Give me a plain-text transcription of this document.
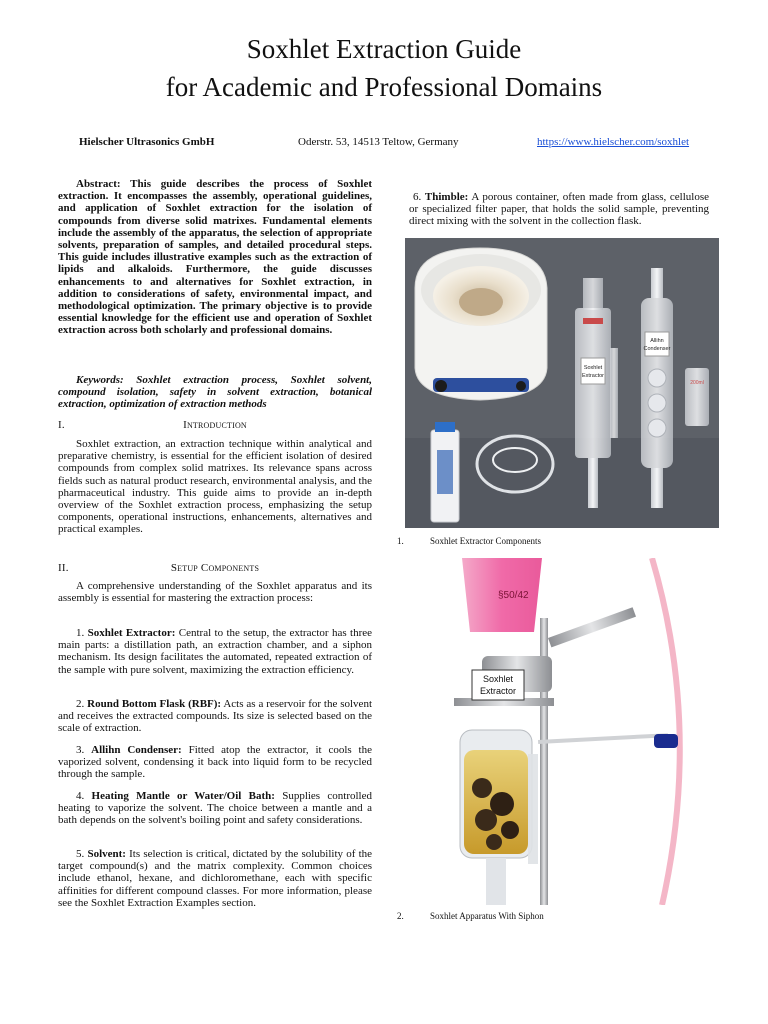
Soxhlet Extraction Guide
for Academic and Professional Domains
Hielscher Ultrasonics GmbH	Oderstr. 53, 14513 Teltow, Germany	https://www.hielscher.com/soxhlet

Abstract: This guide describes the process of Soxhlet extraction. It encompasses the assembly, operational guidelines, and application of Soxhlet extraction for the isolation of compounds from diverse solid matrixes. Fundamental elements include the assembly of the apparatus, the selection of appropriate solvents, preparation of samples, and detailed procedural steps. This guide includes illustrative examples such as the extraction of lipids and alkaloids. Furthermore, the guide discusses enhancements to and alternatives for Soxhlet extraction, in addition to considerations of safety, environmental impact, and methodological optimization. The primary objective is to provide essential knowledge for the efficient use and operation of Soxhlet extraction across both scholarly and professional domains.

Keywords: Soxhlet extraction process, Soxhlet solvent, compound isolation, safety in solvent extraction, botanical extraction, optimization of extraction methods

I.	Introduction

Soxhlet extraction, an extraction technique within analytical and preparative chemistry, is essential for the efficient isolation of desired compounds from complex solid matrixes. Its relevance spans across fields such as natural product research, environmental analysis, and the pharmaceutical industry. This guide aims to provide an in-depth overview of the Soxhlet extraction process, emphasizing the setup components, operational instructions, enhancements, alternatives and practical examples.

II.	Setup Components

A comprehensive understanding of the Soxhlet apparatus and its assembly is essential for mastering the extraction process:

1. Soxhlet Extractor: Central to the setup, the extractor has three main parts: a distillation path, an extraction chamber, and a siphon mechanism. Its design facilitates the automated, repeated extraction of the sample with pure solvent, maximizing the extraction efficiency.

2. Round Bottom Flask (RBF): Acts as a reservoir for the solvent and receives the extracted compounds. Its size is selected based on the scale of extraction.

3. Allihn Condenser: Fitted atop the extractor, it cools the vaporized solvent, condensing it back into liquid form to be recycled through the sample.

4. Heating Mantle or Water/Oil Bath: Supplies controlled heating to vaporize the solvent. The choice between a mantle and a bath depends on the solvent's boiling point and safety considerations.

5. Solvent: Its selection is critical, dictated by the solubility of the target compound(s) and the matrix complexity. Common choices include ethanol, hexane, and dichloromethane, each with specific affinities for different compound classes. For more information, please see the Soxhlet Extraction Examples section.

6. Thimble: A porous container, often made from glass, cellulose or specialized filter paper, that holds the solid sample, preventing direct mixing with the solvent in the collection flask.

Soxhlet
Extractor
Allihn
Condenser
200ml
1.	Soxhlet Extractor Components
§50/42
Soxhlet
Extractor
2.	Soxhlet Apparatus With Siphon
